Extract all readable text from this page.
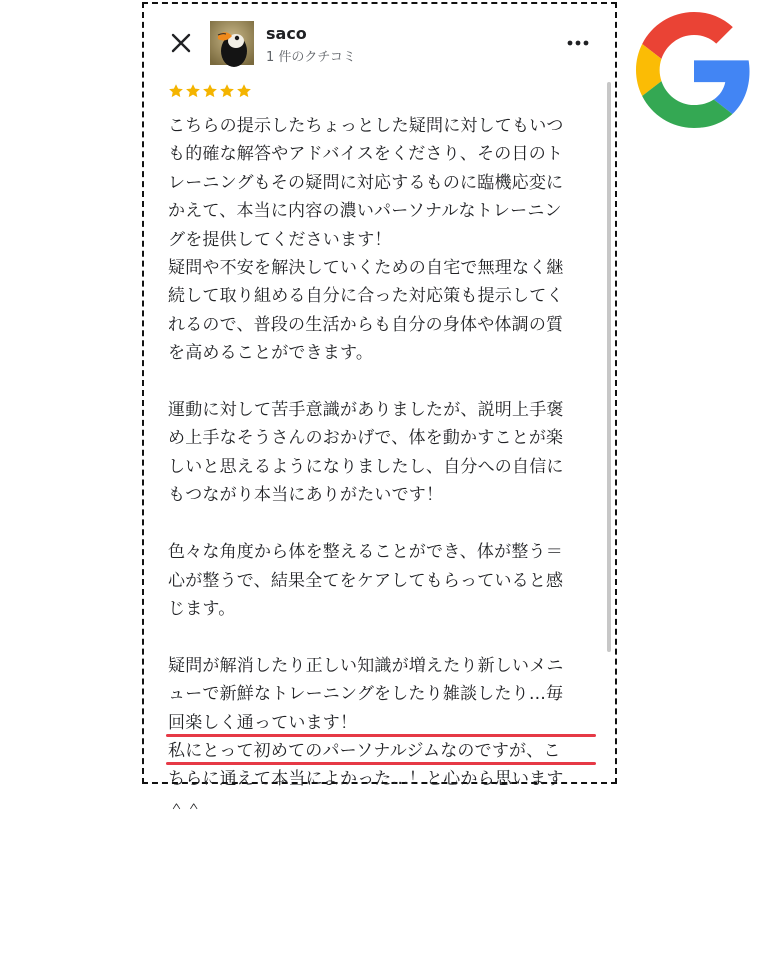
saco
1 件のクチコミ

こちらの提示したちょっとした疑問に対してもいつ

も的確な解答やアドバイスをくださり、その日のト

レーニングもその疑問に対応するものに臨機応変に

かえて、本当に内容の濃いパーソナルなトレーニン

グを提供してくださいます！

疑問や不安を解決していくための自宅で無理なく継

続して取り組める自分に合った対応策も提示してく

れるので、普段の生活からも自分の身体や体調の質

を高めることができます。

運動に対して苦手意識がありましたが、説明上手褒

め上手なそうさんのおかげで、体を動かすことが楽

しいと思えるようになりましたし、自分への自信に

もつながり本当にありがたいです！

色々な角度から体を整えることができ、体が整う＝

心が整うで、結果全てをケアしてもらっていると感

じます。

疑問が解消したり正しい知識が増えたり新しいメニ

ューで新鮮なトレーニングをしたり雑談したり…毎

回楽しく通っています！

私にとって初めてのパーソナルジムなのですが、こ

ちらに通えて本当によかった…！と心から思います

＾＾
